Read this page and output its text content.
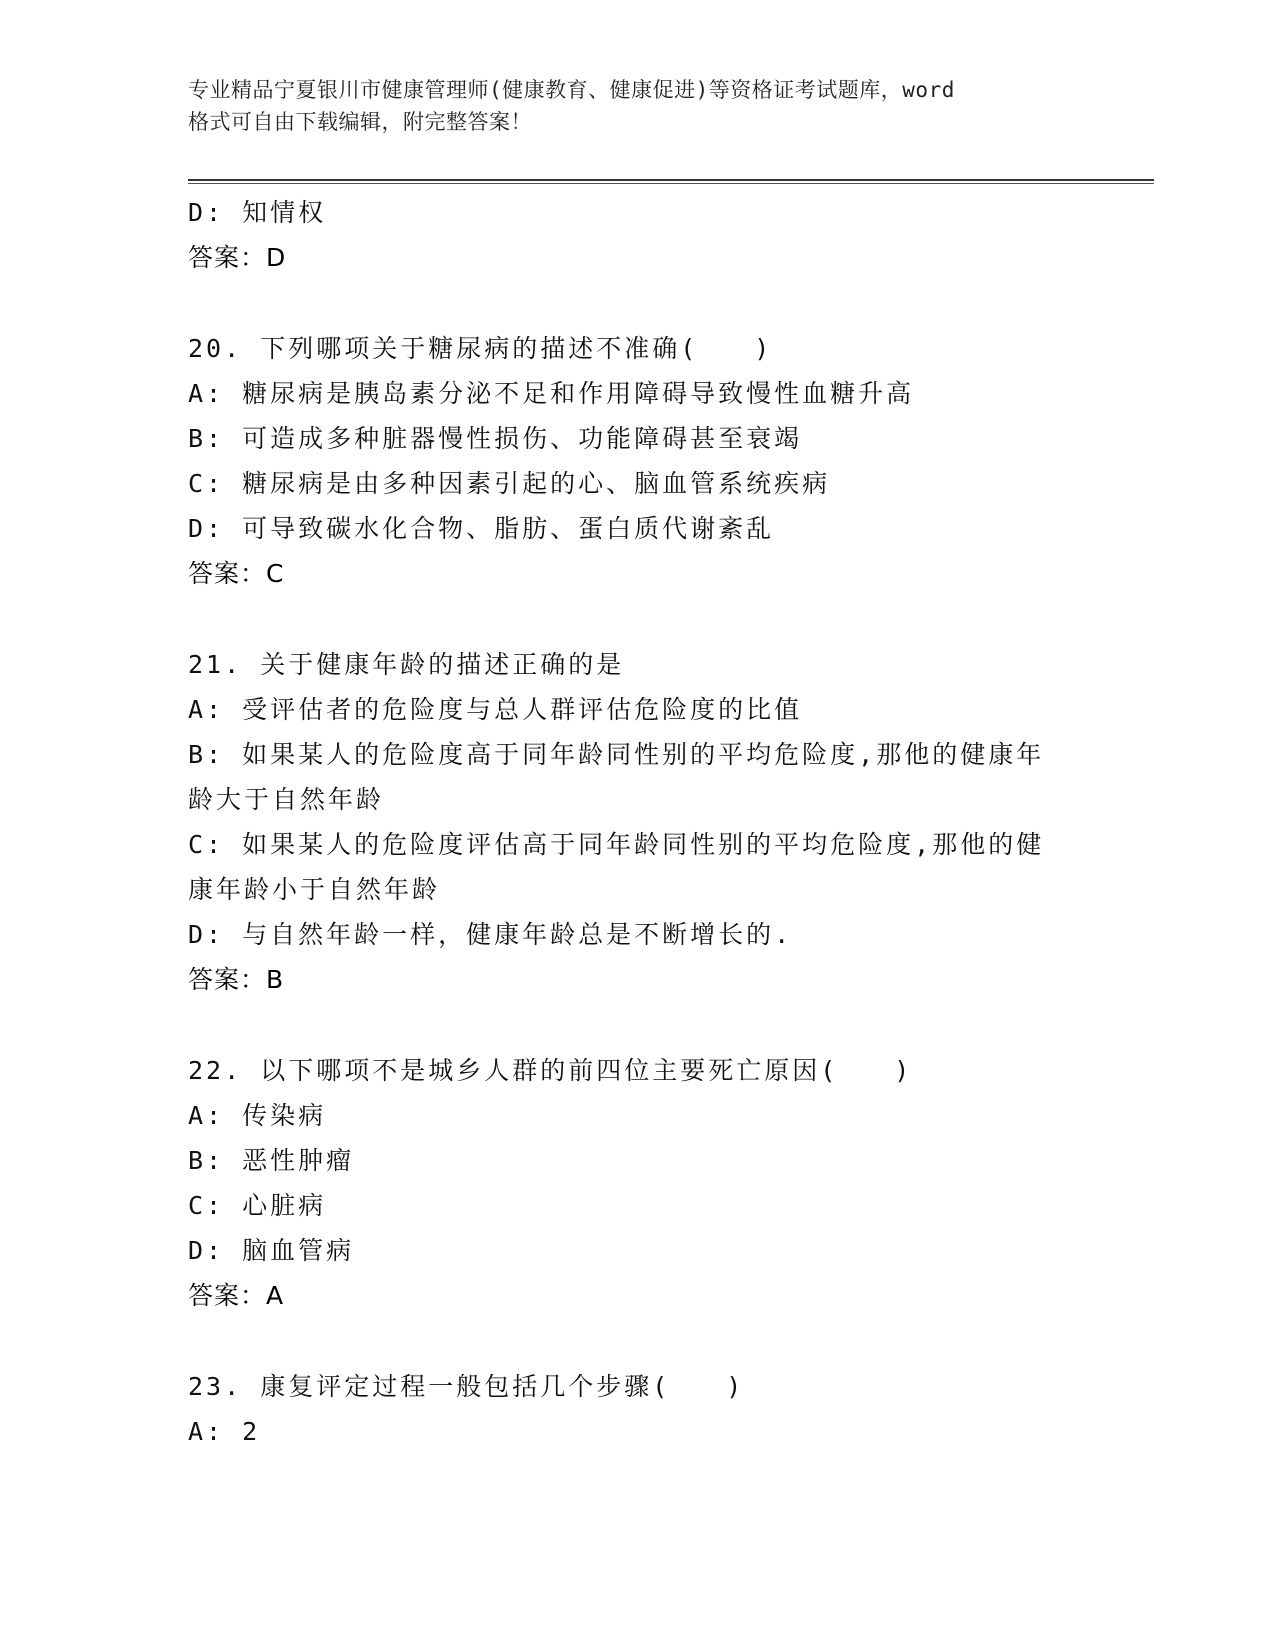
专业精品宁夏银川市健康管理师(健康教育、健康促进)等资格证考试题库，word
格式可自由下载编辑，附完整答案！
D: 知情权
答案：D
20. 下列哪项关于糖尿病的描述不准确(　　)
A: 糖尿病是胰岛素分泌不足和作用障碍导致慢性血糖升高
B: 可造成多种脏器慢性损伤、功能障碍甚至衰竭
C: 糖尿病是由多种因素引起的心、脑血管系统疾病
D: 可导致碳水化合物、脂肪、蛋白质代谢紊乱
答案：C
21. 关于健康年龄的描述正确的是
A: 受评估者的危险度与总人群评估危险度的比值
B: 如果某人的危险度高于同年龄同性别的平均危险度,那他的健康年
龄大于自然年龄
C: 如果某人的危险度评估高于同年龄同性别的平均危险度,那他的健
康年龄小于自然年龄
D: 与自然年龄一样，健康年龄总是不断增长的.
答案：B
22. 以下哪项不是城乡人群的前四位主要死亡原因(　　)
A: 传染病
B: 恶性肿瘤
C: 心脏病
D: 脑血管病
答案：A
23. 康复评定过程一般包括几个步骤(　　)
A: 2
